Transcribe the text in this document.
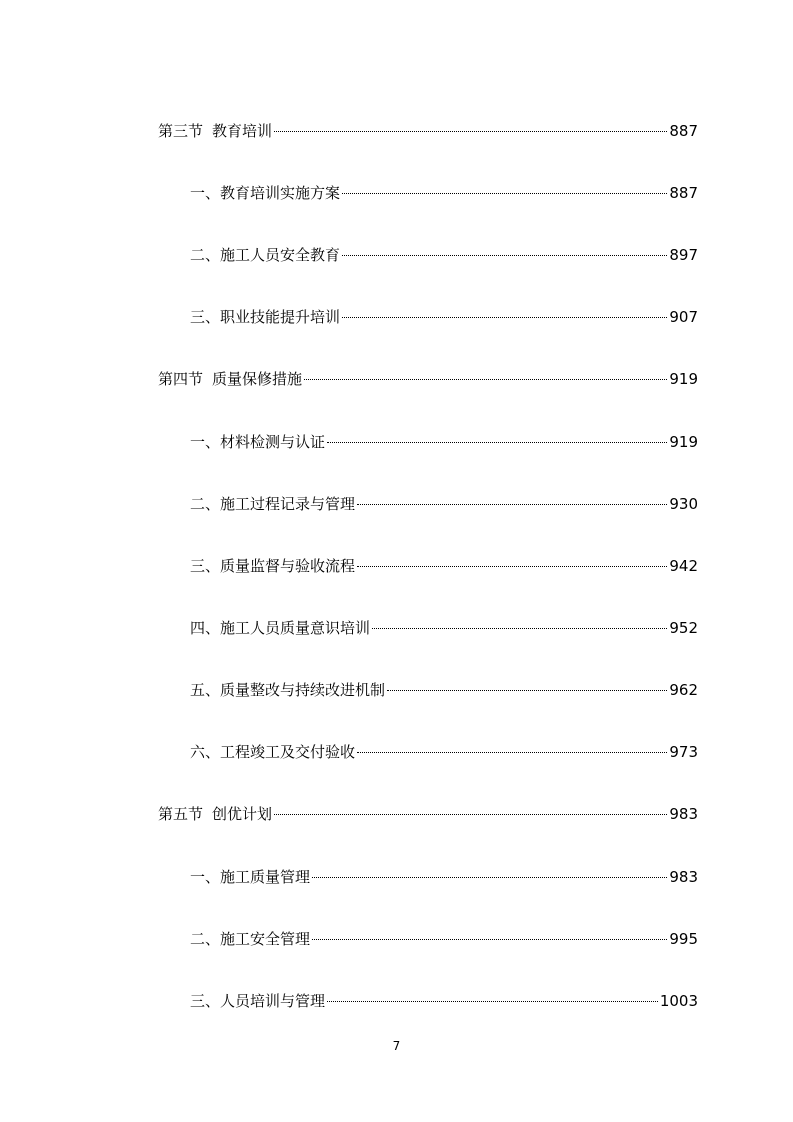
第三节 教育培训	887
一、教育培训实施方案	887
二、施工人员安全教育	897
三、职业技能提升培训	907
第四节 质量保修措施	919
一、材料检测与认证	919
二、施工过程记录与管理	930
三、质量监督与验收流程	942
四、施工人员质量意识培训	952
五、质量整改与持续改进机制	962
六、工程竣工及交付验收	973
第五节 创优计划	983
一、施工质量管理	983
二、施工安全管理	995
三、人员培训与管理	1003
7
